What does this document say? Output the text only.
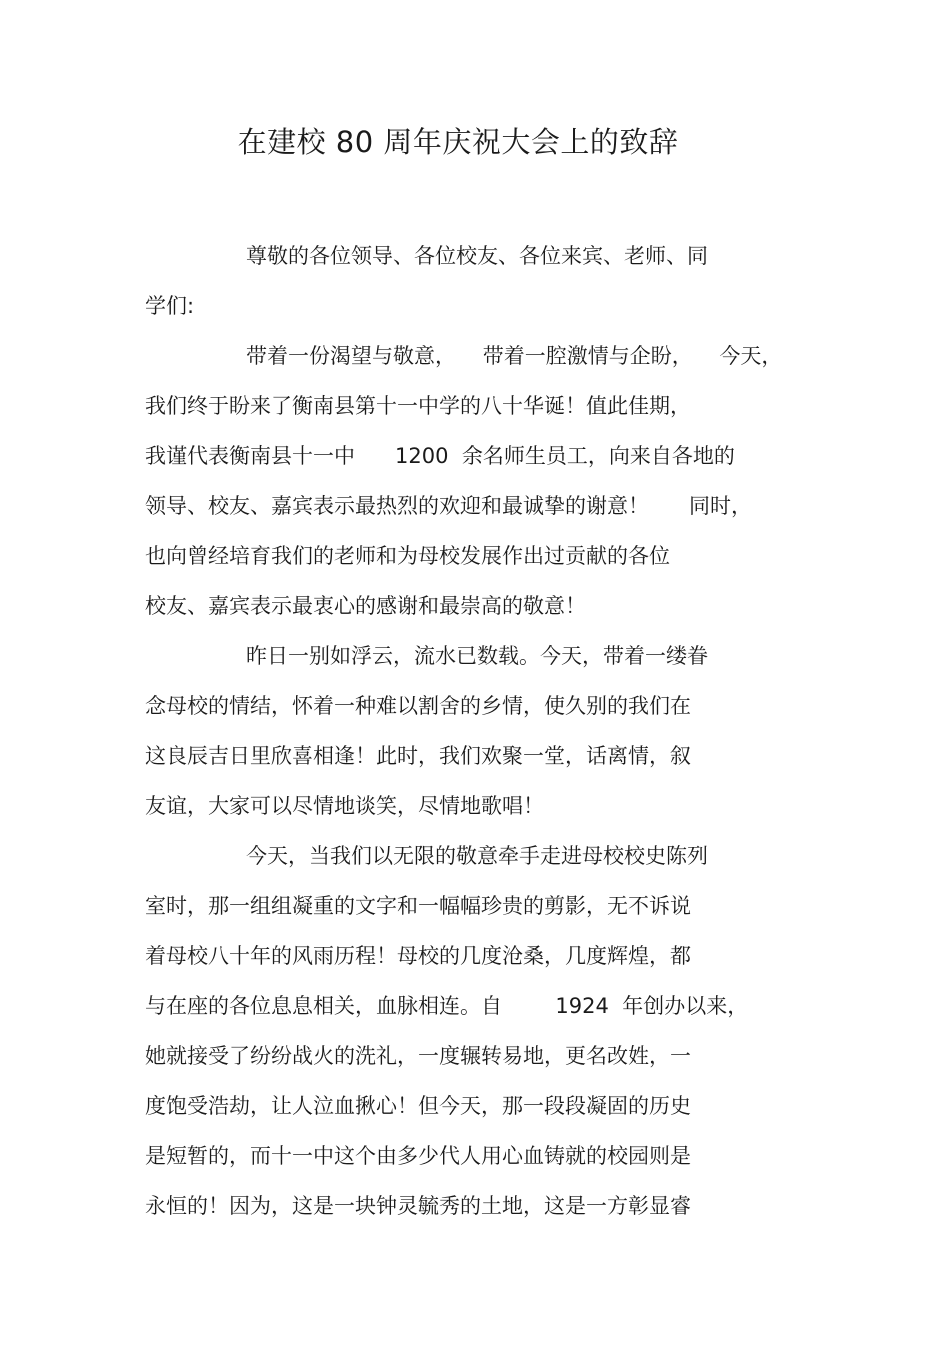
在建校 80 周年庆祝大会上的致辞
尊敬的各位领导、各位校友、各位来宾、老师、同
学们:
带着一份渴望与敬意，    带着一腔激情与企盼，    今天，
我们终于盼来了衡南县第十一中学的八十华诞！值此佳期，
我谨代表衡南县十一中      1200  余名师生员工，向来自各地的
领导、校友、嘉宾表示最热烈的欢迎和最诚挚的谢意！      同时，
也向曾经培育我们的老师和为母校发展作出过贡献的各位
校友、嘉宾表示最衷心的感谢和最崇高的敬意！
昨日一别如浮云，流水已数载。今天，带着一缕眷
念母校的情结，怀着一种难以割舍的乡情，使久别的我们在
这良辰吉日里欣喜相逢！此时，我们欢聚一堂，话离情，叙
友谊，大家可以尽情地谈笑，尽情地歌唱！
今天，当我们以无限的敬意牵手走进母校校史陈列
室时，那一组组凝重的文字和一幅幅珍贵的剪影，无不诉说
着母校八十年的风雨历程！母校的几度沧桑，几度辉煌，都
与在座的各位息息相关，血脉相连。自        1924  年创办以来，
她就接受了纷纷战火的洗礼，一度辗转易地，更名改姓，一
度饱受浩劫，让人泣血揪心！但今天，那一段段凝固的历史
是短暂的，而十一中这个由多少代人用心血铸就的校园则是
永恒的！因为，这是一块钟灵毓秀的土地，这是一方彰显睿
